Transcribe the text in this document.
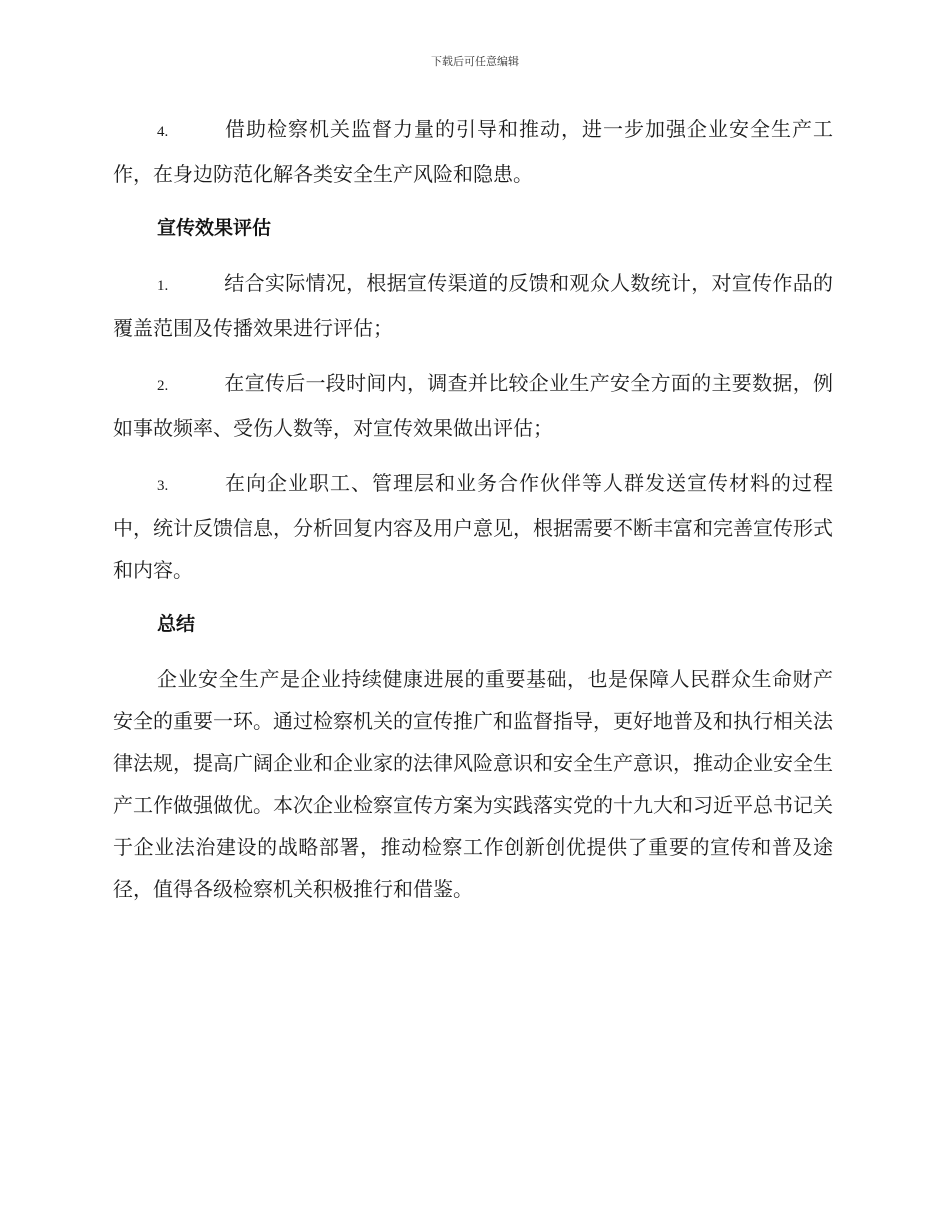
下载后可任意编辑

4.	借助检察机关监督力量的引导和推动，进一步加强企业安全生产工作，在身边防范化解各类安全生产风险和隐患。

宣传效果评估

1.	结合实际情况，根据宣传渠道的反馈和观众人数统计，对宣传作品的覆盖范围及传播效果进行评估；

2.	在宣传后一段时间内，调查并比较企业生产安全方面的主要数据，例如事故频率、受伤人数等，对宣传效果做出评估；

3.	在向企业职工、管理层和业务合作伙伴等人群发送宣传材料的过程中，统计反馈信息，分析回复内容及用户意见，根据需要不断丰富和完善宣传形式和内容。

总结

企业安全生产是企业持续健康进展的重要基础，也是保障人民群众生命财产安全的重要一环。通过检察机关的宣传推广和监督指导，更好地普及和执行相关法律法规，提高广阔企业和企业家的法律风险意识和安全生产意识，推动企业安全生产工作做强做优。本次企业检察宣传方案为实践落实党的十九大和习近平总书记关于企业法治建设的战略部署，推动检察工作创新创优提供了重要的宣传和普及途径，值得各级检察机关积极推行和借鉴。
